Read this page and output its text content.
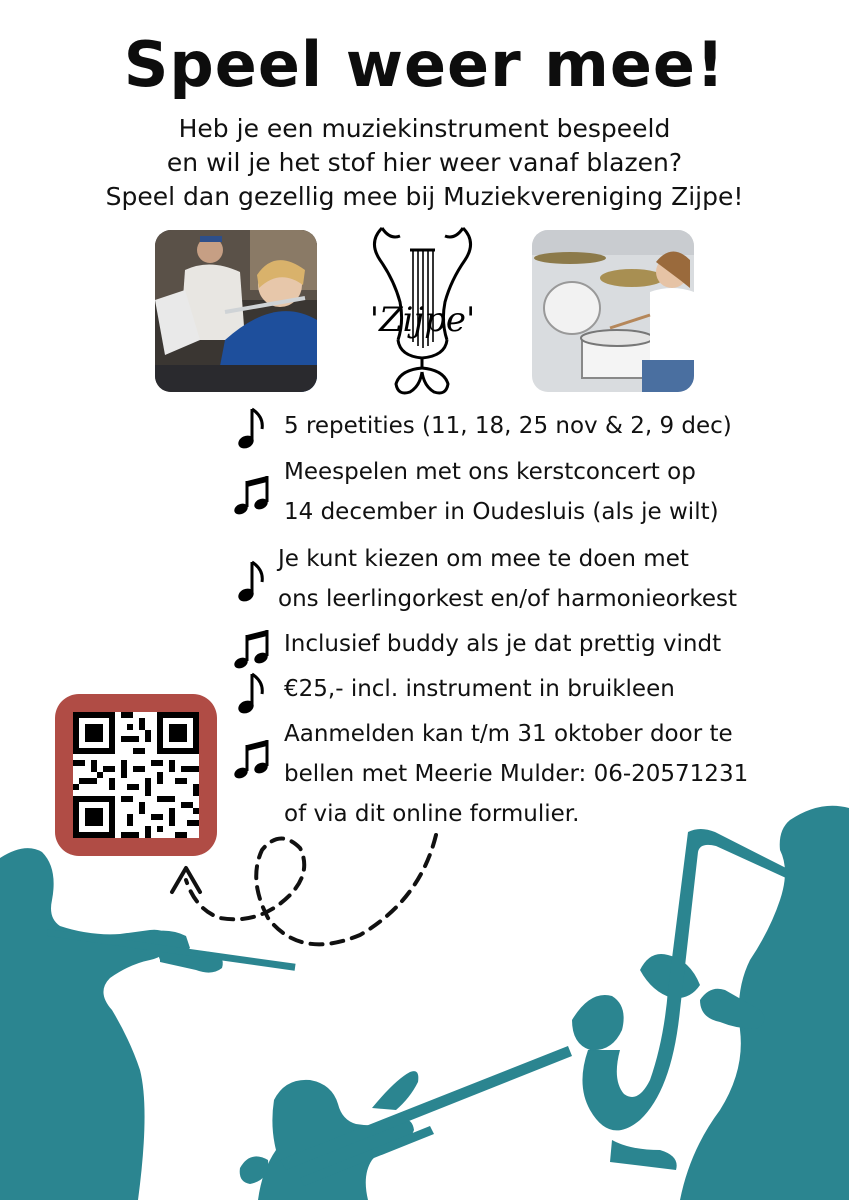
Speel weer mee!
Heb je een muziekinstrument bespeeld
en wil je het stof hier weer vanaf blazen?
Speel dan gezellig mee bij Muziekvereniging Zijpe!
'Zijpe'
5 repetities (11, 18, 25 nov & 2, 9 dec)
Meespelen met ons kerstconcert op
14 december in Oudesluis (als je wilt)
Je kunt kiezen om mee te doen met
ons leerlingorkest en/of harmonieorkest
Inclusief buddy als je dat prettig vindt
€25,- incl. instrument in bruikleen
Aanmelden kan t/m 31 oktober door te
bellen met Meerie Mulder: 06-20571231
of via dit online formulier.
